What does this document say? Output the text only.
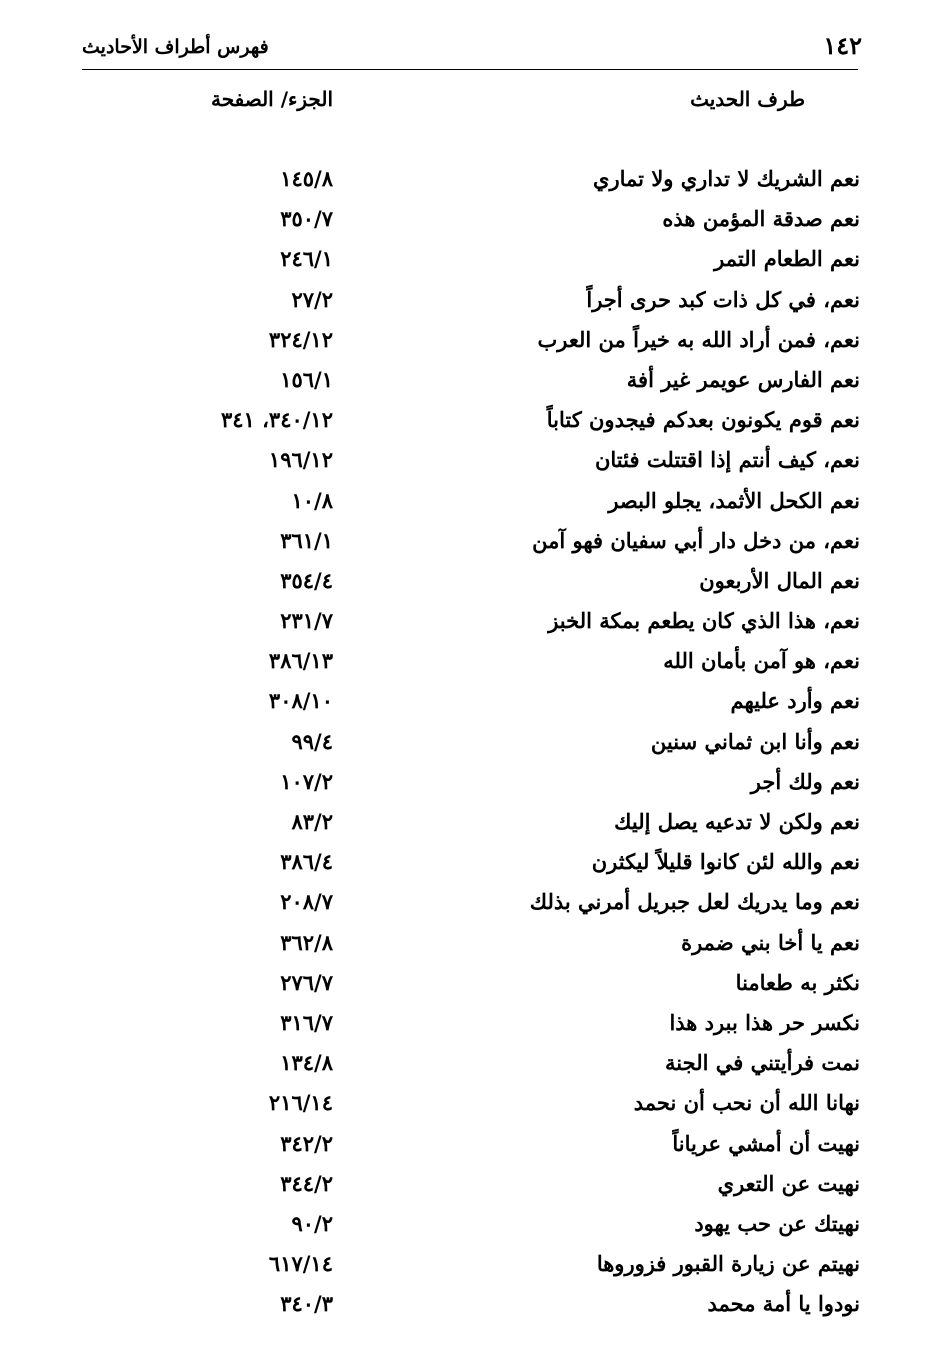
١٤٢
فهرس أطراف الأحاديث
طرف الحديث
الجزء/ الصفحة
نعم الشريك لا تداري ولا تماري
١٤٥/٨
نعم صدقة المؤمن هذه
٣٥٠/٧
نعم الطعام التمر
٢٤٦/١
نعم، في كل ذات كبد حرى أجراً
٢٧/٢
نعم، فمن أراد الله به خيراً من العرب
٣٢٤/١٢
نعم الفارس عويمر غير أفة
١٥٦/١
نعم قوم يكونون بعدكم فيجدون كتاباً
٣٤٠/١٢، ٣٤١
نعم، كيف أنتم إذا اقتتلت فئتان
١٩٦/١٢
نعم الكحل الأثمد، يجلو البصر
١٠/٨
نعم، من دخل دار أبي سفيان فهو آمن
٣٦١/١
نعم المال الأربعون
٣٥٤/٤
نعم، هذا الذي كان يطعم بمكة الخبز
٢٣١/٧
نعم، هو آمن بأمان الله
٣٨٦/١٣
نعم وأرد عليهم
٣٠٨/١٠
نعم وأنا ابن ثماني سنين
٩٩/٤
نعم ولك أجر
١٠٧/٢
نعم ولكن لا تدعيه يصل إليك
٨٣/٢
نعم والله لئن كانوا قليلاً ليكثرن
٣٨٦/٤
نعم وما يدريك لعل جبريل أمرني بذلك
٢٠٨/٧
نعم يا أخا بني ضمرة
٣٦٢/٨
نكثر به طعامنا
٢٧٦/٧
نكسر حر هذا ببرد هذا
٣١٦/٧
نمت فرأيتني في الجنة
١٣٤/٨
نهانا الله أن نحب أن نحمد
٢١٦/١٤
نهيت أن أمشي عرياناً
٣٤٢/٢
نهيت عن التعري
٣٤٤/٢
نهيتك عن حب يهود
٩٠/٢
نهيتم عن زيارة القبور فزوروها
٦١٧/١٤
نودوا يا أمة محمد
٣٤٠/٣
